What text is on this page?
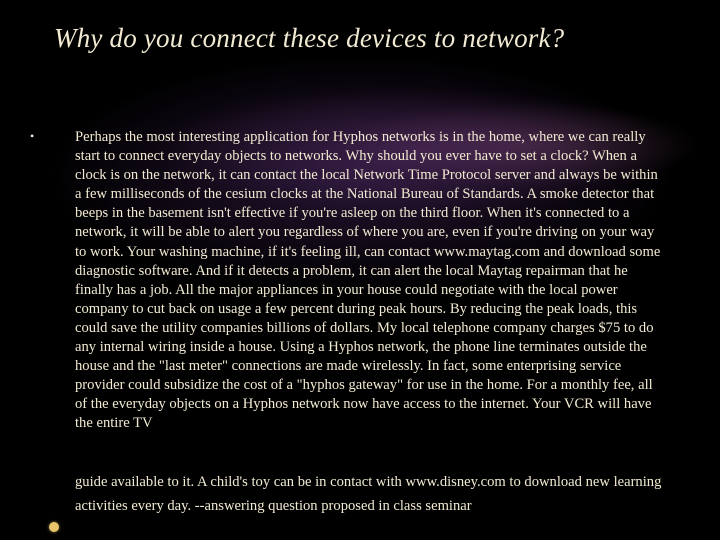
Why do you connect these devices to network?
•	Perhaps the most interesting application for Hyphos networks is in the home, where we can really start to connect everyday objects to networks. Why should you ever have to set a clock? When a clock is on the network, it can contact the local Network Time Protocol server and always be within a few milliseconds of the cesium clocks at the National Bureau of Standards. A smoke detector that beeps in the basement isn't effective if you're asleep on the third floor. When it's connected to a network, it will be able to alert you regardless of where you are, even if you're driving on your way to work. Your washing machine, if it's feeling ill, can contact www.maytag.com and download some diagnostic software. And if it detects a problem, it can alert the local Maytag repairman that he finally has a job. All the major appliances in your house could negotiate with the local power company to cut back on usage a few percent during peak hours. By reducing the peak loads, this could save the utility companies billions of dollars. My local telephone company charges $75 to do any internal wiring inside a house. Using a Hyphos network, the phone line terminates outside the house and the "last meter" connections are made wirelessly. In fact, some enterprising service provider could subsidize the cost of a "hyphos gateway" for use in the home. For a monthly fee, all of the everyday objects on a Hyphos network now have access to the internet. Your VCR will have the entire TV
guide available to it. A child's toy can be in contact with www.disney.com to download new learning activities every day. --answering question proposed in class seminar
